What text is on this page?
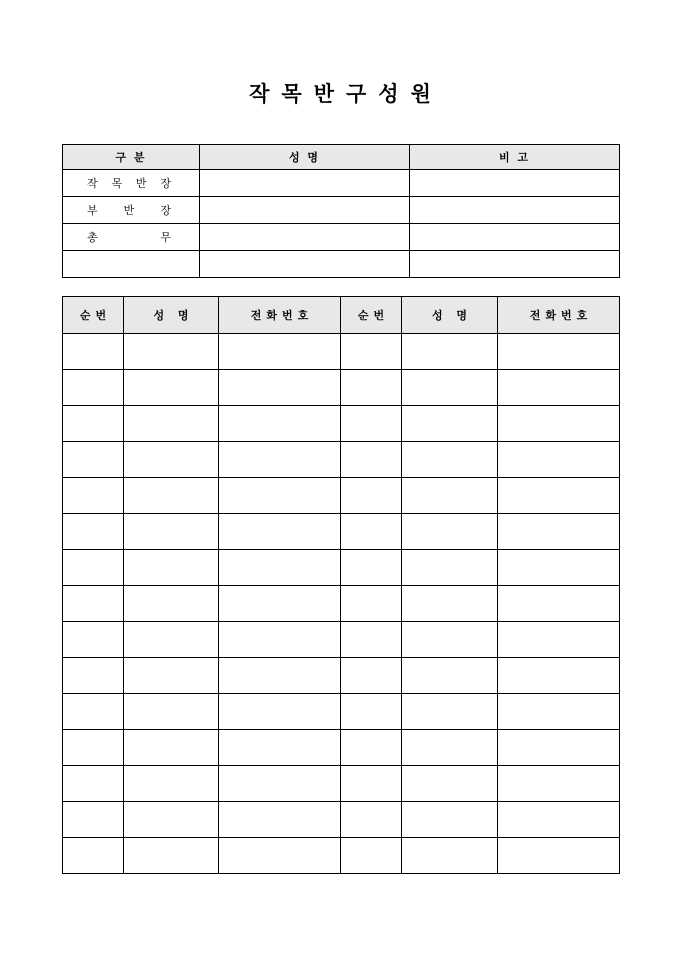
작목반구성원
구 분	성 명	비 고

작 목 반 장		

부 반 장		

총 무		

순번	성 명	전화번호	순번	성 명	전화번호
